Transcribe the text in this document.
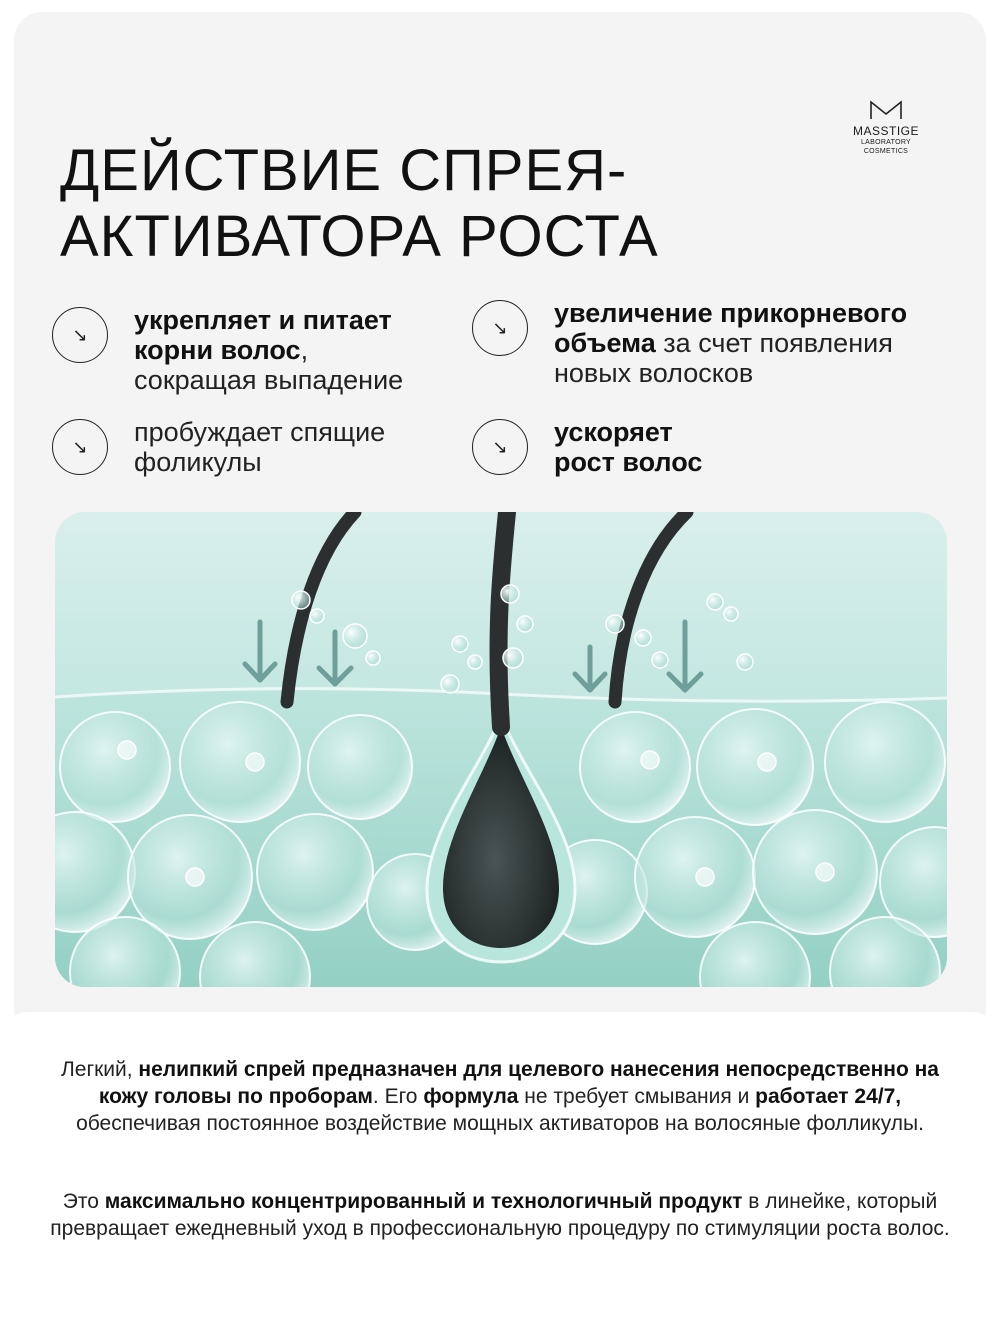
MASSTIGE
LABORATORY
COSMETICS
ДЕЙСТВИЕ СПРЕЯ-
АКТИВАТОРА РОСТА
↘	укрепляет и питает
корни волос,
сокращая выпадение
↘	увеличение прикорневого
объема за счет появления
новых волосков
↘	пробуждает спящие
фоликулы
↘	ускоряет
рост волос

Легкий, нелипкий спрей предназначен для целевого нанесения непосредственно на кожу головы по проборам. Его формула не требует смывания и работает 24/7, обеспечивая постоянное воздействие мощных активаторов на волосяные фолликулы.

Это максимально концентрированный и технологичный продукт в линейке, который превращает ежедневный уход в профессиональную процедуру по стимуляции роста волос.
